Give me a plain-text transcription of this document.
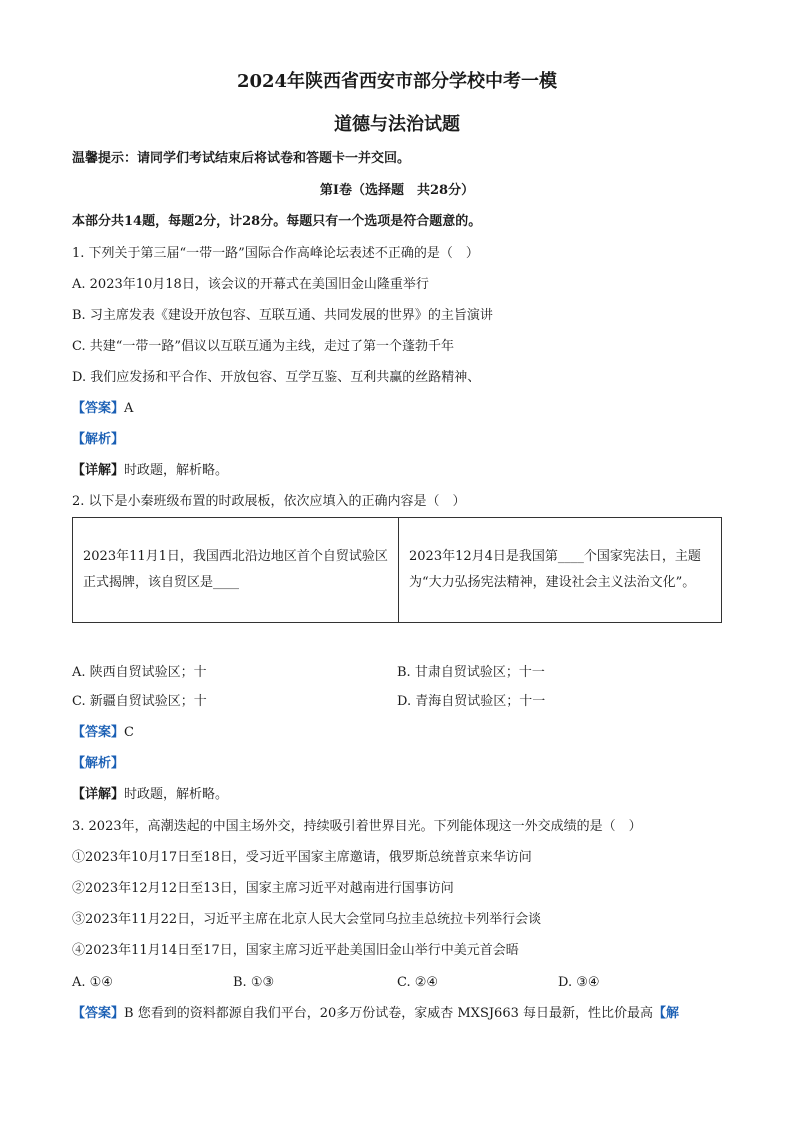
2024年陕西省西安市部分学校中考一模
道德与法治试题
温馨提示：请同学们考试结束后将试卷和答题卡一并交回。
第Ⅰ卷（选择题　共28分）
本部分共14题，每题2分，计28分。每题只有一个选项是符合题意的。
1. 下列关于第三届“一带一路”国际合作高峰论坛表述不正确的是（　）
A. 2023年10月18日，该会议的开幕式在美国旧金山隆重举行
B. 习主席发表《建设开放包容、互联互通、共同发展的世界》的主旨演讲
C. 共建“一带一路”倡议以互联互通为主线，走过了第一个蓬勃千年
D. 我们应发扬和平合作、开放包容、互学互鉴、互利共赢的丝路精神、
【答案】A
【解析】
【详解】时政题，解析略。
2. 以下是小秦班级布置的时政展板，依次应填入的正确内容是（　）
2023年11月1日，我国西北沿边地区首个自贸试验区正式揭牌，该自贸区是____
2023年12月4日是我国第____个国家宪法日，主题为“大力弘扬宪法精神，建设社会主义法治文化”。
A. 陕西自贸试验区；十	B. 甘肃自贸试验区；十一
C. 新疆自贸试验区；十	D. 青海自贸试验区；十一
【答案】C
【解析】
【详解】时政题，解析略。
3. 2023年，高潮迭起的中国主场外交，持续吸引着世界目光。下列能体现这一外交成绩的是（　）
①2023年10月17日至18日，受习近平国家主席邀请，俄罗斯总统普京来华访问
②2023年12月12日至13日，国家主席习近平对越南进行国事访问
③2023年11月22日，习近平主席在北京人民大会堂同乌拉圭总统拉卡列举行会谈
④2023年11月14日至17日，国家主席习近平赴美国旧金山举行中美元首会晤
A. ①④	B. ①③	C. ②④	D. ③④
【答案】B 您看到的资料都源自我们平台，20多万份试卷，家威杏 MXSJ663 每日最新，性比价最高【解
